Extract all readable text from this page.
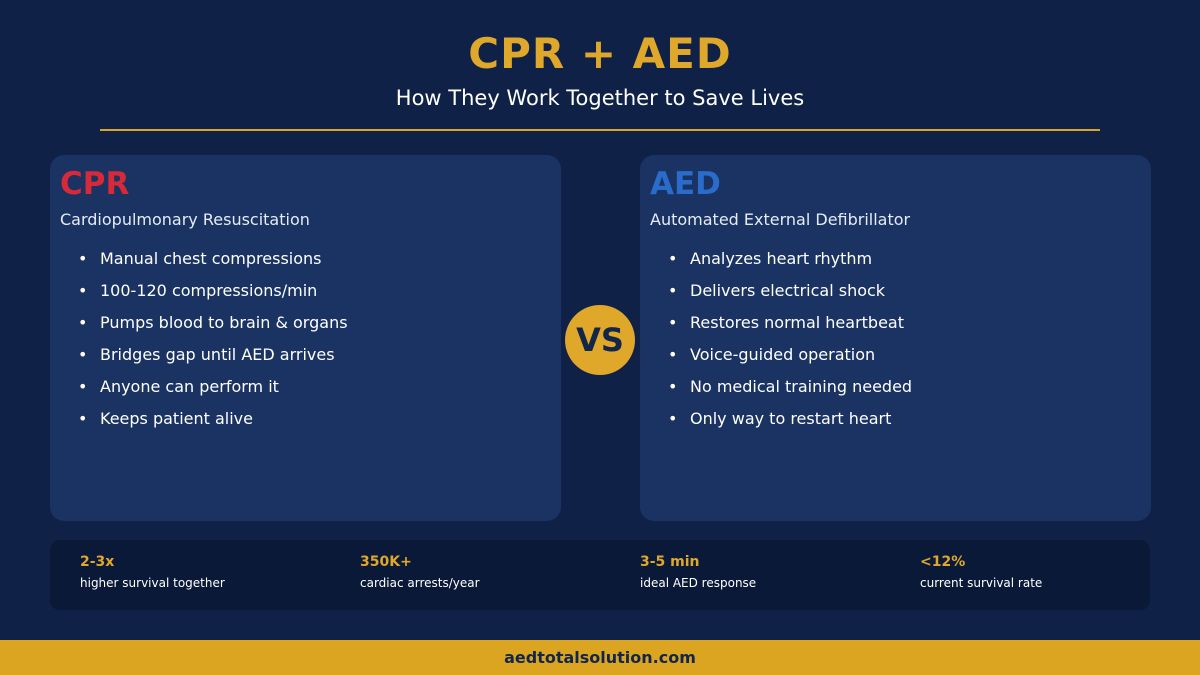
CPR + AED
How They Work Together to Save Lives
CPR
Cardiopulmonary Resuscitation
• Manual chest compressions
• 100-120 compressions/min
• Pumps blood to brain & organs
• Bridges gap until AED arrives
• Anyone can perform it
• Keeps patient alive
VS
AED
Automated External Defibrillator
• Analyzes heart rhythm
• Delivers electrical shock
• Restores normal heartbeat
• Voice-guided operation
• No medical training needed
• Only way to restart heart
2-3x
higher survival together
350K+
cardiac arrests/year
3-5 min
ideal AED response
<12%
current survival rate
aedtotalsolution.com
